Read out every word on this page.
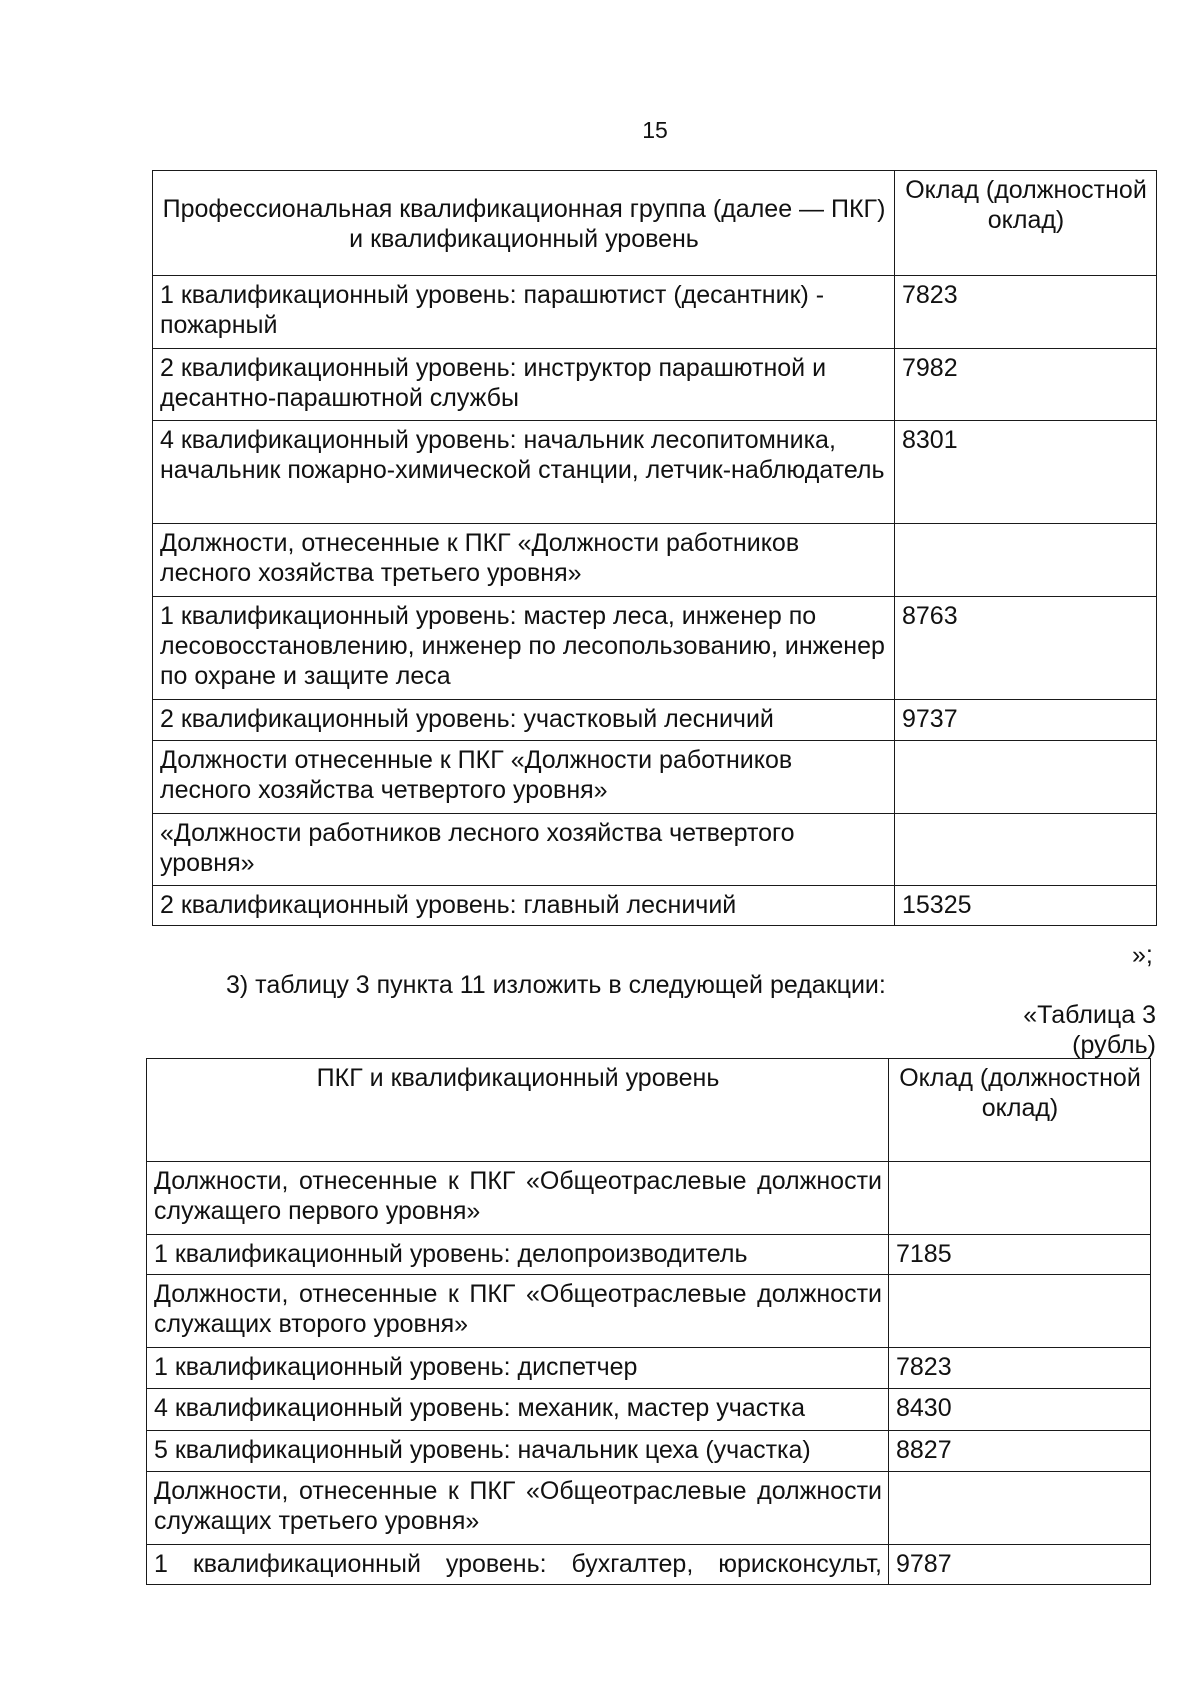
15
Профессиональная квалификационная группа (далее — ПКГ) и квалификационный уровень	Оклад (должностной оклад)
1 квалификационный уровень: парашютист (десантник) - пожарный	7823
2 квалификационный уровень: инструктор парашютной и десантно-парашютной службы	7982
4 квалификационный уровень: начальник лесопитомника, начальник пожарно-химической станции, летчик-наблюдатель	8301
Должности, отнесенные к ПКГ «Должности работников лесного хозяйства третьего уровня»	
1 квалификационный уровень: мастер леса, инженер по лесовосстановлению, инженер по лесопользованию, инженер по охране и защите леса	8763
2 квалификационный уровень: участковый лесничий	9737
Должности отнесенные к ПКГ «Должности работников лесного хозяйства четвертого уровня»	
«Должности работников лесного хозяйства четвертого уровня»	
2 квалификационный уровень: главный лесничий	15325
»;
3) таблицу 3 пункта 11 изложить в следующей редакции:
«Таблица 3
(рубль)
ПКГ и квалификационный уровень	Оклад (должностной оклад)
Должности, отнесенные к ПКГ «Общеотраслевые должности служащего первого уровня»	
1 квалификационный уровень: делопроизводитель	7185
Должности, отнесенные к ПКГ «Общеотраслевые должности служащих второго уровня»	
1 квалификационный уровень: диспетчер	7823
4 квалификационный уровень: механик, мастер участка	8430
5 квалификационный уровень: начальник цеха (участка)	8827
Должности, отнесенные к ПКГ «Общеотраслевые должности служащих третьего уровня»	
1 квалификационный уровень: бухгалтер, юрисконсульт,	9787
